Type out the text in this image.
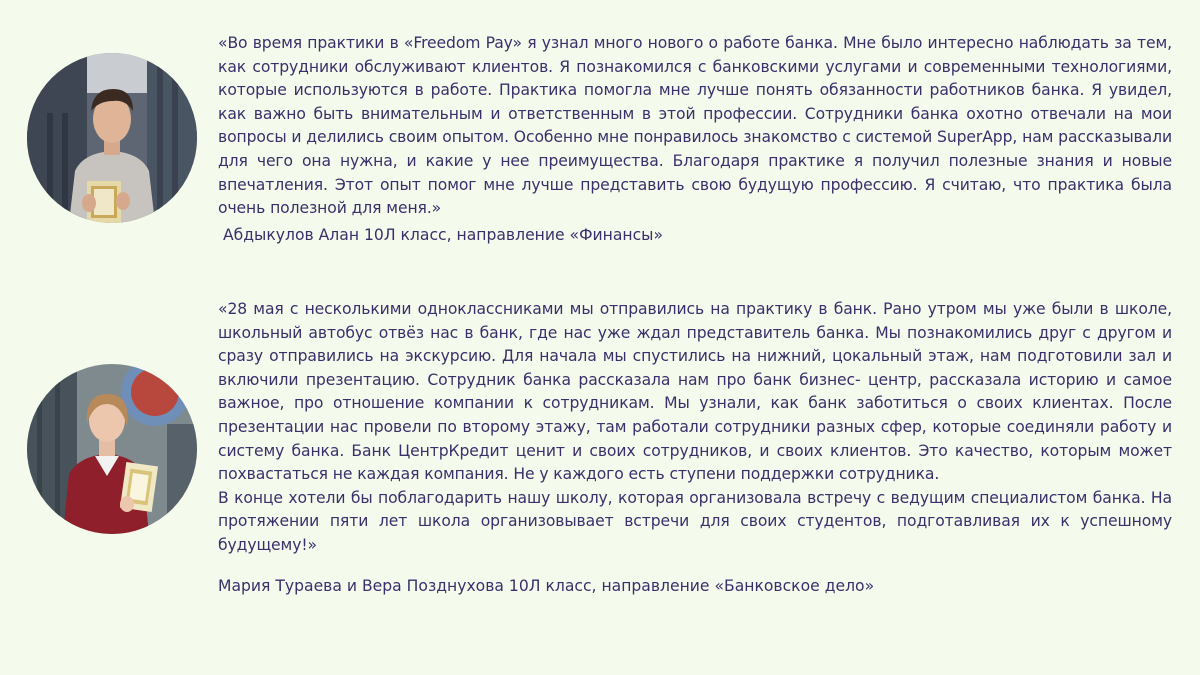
«Во время практики в «Freedom Pay» я узнал много нового о работе банка. Мне было интересно наблюдать за тем, как сотрудники обслуживают клиентов. Я познакомился с банковскими услугами и современными технологиями, которые используются в работе. Практика помогла мне лучше понять обязанности работников банка. Я увидел, как важно быть внимательным и ответственным в этой профессии. Сотрудники банка охотно отвечали на мои вопросы и делились своим опытом. Особенно мне понравилось знакомство с системой SuperApp, нам рассказывали для чего она нужна, и какие у нее преимущества. Благодаря практике я получил полезные знания и новые впечатления. Этот опыт помог мне лучше представить свою будущую профессию. Я считаю, что практика была очень полезной для меня.»

Абдыкулов Алан 10Л класс, направление «Финансы»

«28 мая с несколькими одноклассниками мы отправились на практику в банк. Рано утром мы уже были в школе, школьный автобус отвёз нас в банк, где нас уже ждал представитель банка. Мы познакомились друг с другом и сразу отправились на экскурсию. Для начала мы спустились на нижний, цокальный этаж, нам подготовили зал и включили презентацию. Сотрудник банка рассказала нам про банк бизнес- центр, рассказала историю и самое важное, про отношение компании к сотрудникам. Мы узнали, как банк заботиться о своих клиентах. После презентации нас провели по второму этажу, там работали сотрудники разных сфер, которые соединяли работу и систему банка. Банк ЦентрКредит ценит и своих сотрудников, и своих клиентов. Это качество, которым может похвастаться не каждая компания. Не у каждого есть ступени поддержки сотрудника.
В конце хотели бы поблагодарить нашу школу, которая организовала встречу с ведущим специалистом банка. На протяжении пяти лет школа организовывает встречи для своих студентов, подготавливая их к успешному будущему!»

Мария Тураева и Вера Позднухова 10Л класс, направление «Банковское дело»
